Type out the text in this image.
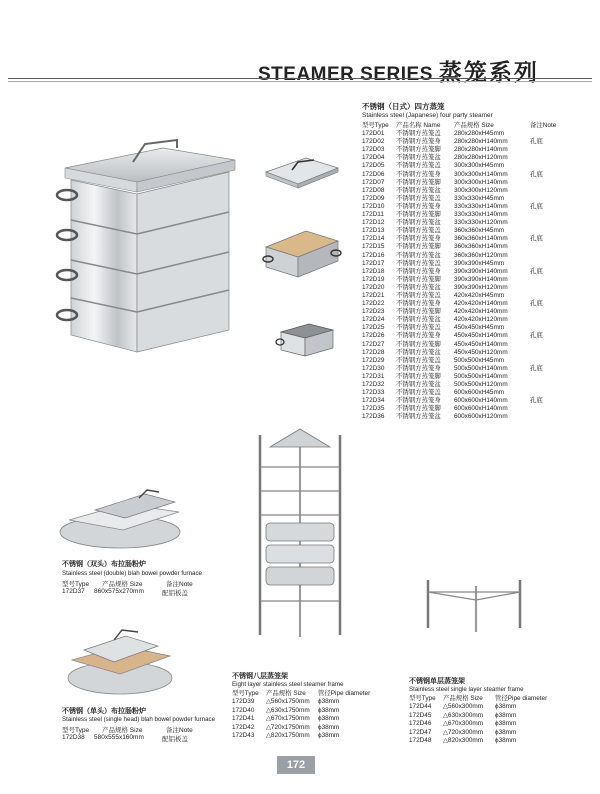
STEAMER SERIES 蒸笼系列
不锈钢（日式）四方蒸笼
Stainless steel (Japanese) four party steamer
型号Type	产品名称 Name	产品规格 Size	备注Note
172D01	不锈钢方蒸笼盖	280x280xH45mm
172D02	不锈钢方蒸笼身	280x280xH140mm	孔底
172D03	不锈钢方蒸笼脚	280x280xH140mm
172D04	不锈钢方蒸笼盆	280x280xH120mm
172D05	不锈钢方蒸笼盖	300x300xH45mm
172D06	不锈钢方蒸笼身	300x300xH140mm	孔底
172D07	不锈钢方蒸笼脚	300x300xH140mm
172D08	不锈钢方蒸笼盆	300x300xH120mm
172D09	不锈钢方蒸笼盖	330x330xH45mm
172D10	不锈钢方蒸笼身	330x330xH140mm	孔底
172D11	不锈钢方蒸笼脚	330x330xH140mm
172D12	不锈钢方蒸笼盆	330x330xH120mm
172D13	不锈钢方蒸笼盖	360x360xH45mm
172D14	不锈钢方蒸笼身	360x360xH140mm	孔底
172D15	不锈钢方蒸笼脚	360x360xH140mm
172D16	不锈钢方蒸笼盆	360x360xH120mm
172D17	不锈钢方蒸笼盖	390x390xH45mm
172D18	不锈钢方蒸笼身	390x390xH140mm	孔底
172D19	不锈钢方蒸笼脚	390x390xH140mm
172D20	不锈钢方蒸笼盆	390x390xH120mm
172D21	不锈钢方蒸笼盖	420x420xH45mm
172D22	不锈钢方蒸笼身	420x420xH140mm	孔底
172D23	不锈钢方蒸笼脚	420x420xH140mm
172D24	不锈钢方蒸笼盆	420x420xH120mm
172D25	不锈钢方蒸笼盖	450x450xH45mm
172D26	不锈钢方蒸笼身	450x450xH140mm	孔底
172D27	不锈钢方蒸笼脚	450x450xH140mm
172D28	不锈钢方蒸笼盆	450x450xH120mm
172D29	不锈钢方蒸笼盖	500x500xH45mm
172D30	不锈钢方蒸笼身	500x500xH140mm	孔底
172D31	不锈钢方蒸笼脚	500x500xH140mm
172D32	不锈钢方蒸笼盆	500x500xH120mm
172D33	不锈钢方蒸笼盖	600x600xH45mm
172D34	不锈钢方蒸笼身	600x600xH140mm	孔底
172D35	不锈钢方蒸笼脚	600x600xH140mm
172D36	不锈钢方蒸笼盆	600x600xH120mm
不锈钢（双头）布拉肠粉炉
Stainless steel (double) blah bowel powder furnace
型号Type	产品规格 Size	备注Note
172D37	860x575x270mm	配铝板盖
不锈钢（单头）布拉肠粉炉
Stainless steel (single head) blah bowel powder furnace
型号Type	产品规格 Size	备注Note
172D38	580x555x160mm	配铝板盖
不锈钢八层蒸笼架
Eight layer stainless steel steamer frame
型号Type	产品规格 Size	管径Pipe diameter
172D39	△560x1750mm	ϕ38mm
172D40	△630x1750mm	ϕ38mm
172D41	△670x1750mm	ϕ38mm
172D42	△720x1750mm	ϕ38mm
172D43	△820x1750mm	ϕ38mm
不锈钢单层蒸笼架
Stainless steel single layer steamer frame
型号Type	产品规格 Size	管径Pipe diameter
172D44	△560x300mm	ϕ38mm
172D45	△630x300mm	ϕ38mm
172D46	△670x300mm	ϕ38mm
172D47	△720x300mm	ϕ38mm
172D48	△820x300mm	ϕ38mm
172
